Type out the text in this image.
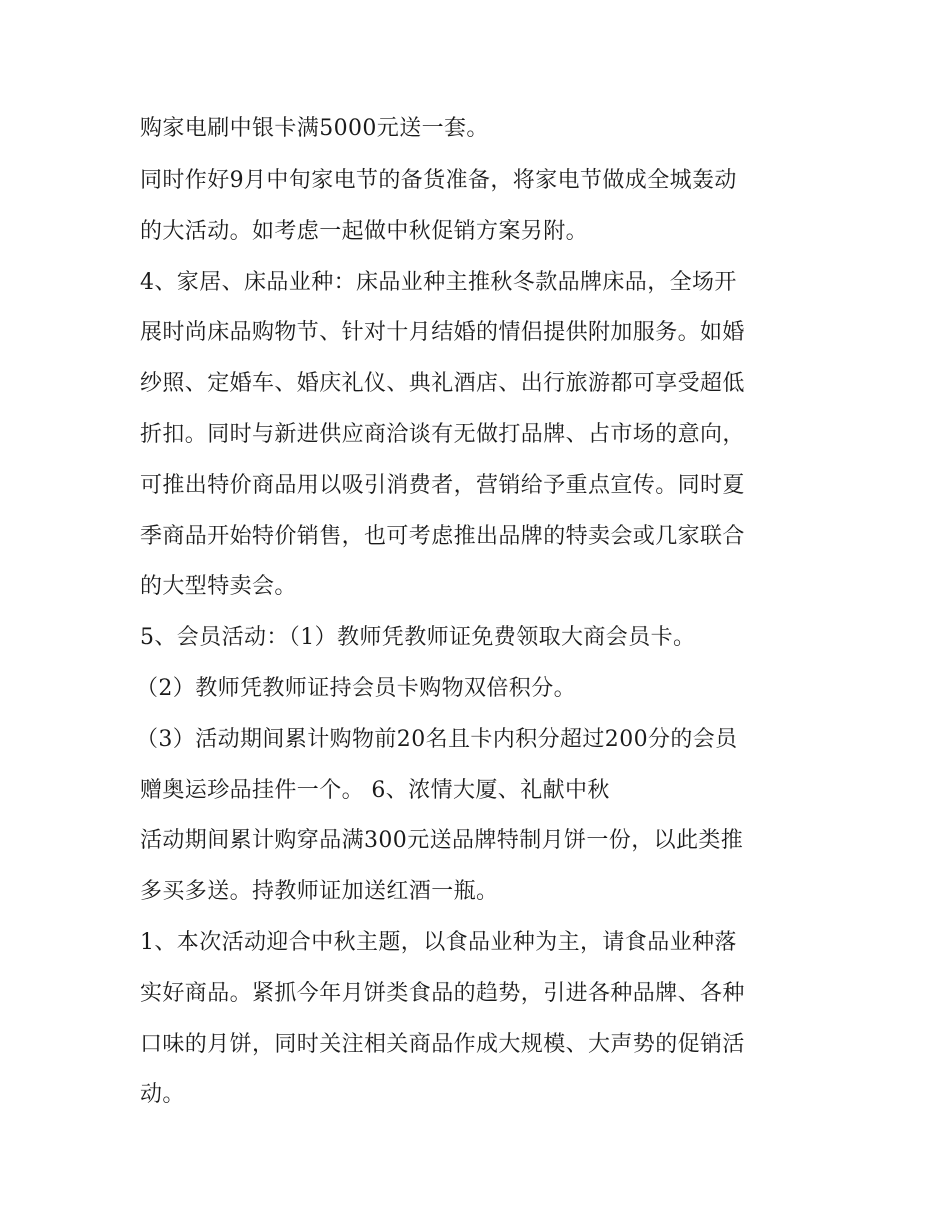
购家电刷中银卡满5000元送一套。
同时作好9月中旬家电节的备货准备，将家电节做成全城轰动
的大活动。如考虑一起做中秋促销方案另附。
4、家居、床品业种：床品业种主推秋冬款品牌床品，全场开
展时尚床品购物节、针对十月结婚的情侣提供附加服务。如婚
纱照、定婚车、婚庆礼仪、典礼酒店、出行旅游都可享受超低
折扣。同时与新进供应商洽谈有无做打品牌、占市场的意向，
可推出特价商品用以吸引消费者，营销给予重点宣传。同时夏
季商品开始特价销售，也可考虑推出品牌的特卖会或几家联合
的大型特卖会。
5、会员活动：（1）教师凭教师证免费领取大商会员卡。
（2）教师凭教师证持会员卡购物双倍积分。
（3）活动期间累计购物前20名且卡内积分超过200分的会员
赠奥运珍品挂件一个。 6、浓情大厦、礼献中秋
活动期间累计购穿品满300元送品牌特制月饼一份，以此类推
多买多送。持教师证加送红酒一瓶。
1、本次活动迎合中秋主题，以食品业种为主，请食品业种落
实好商品。紧抓今年月饼类食品的趋势，引进各种品牌、各种
口味的月饼，同时关注相关商品作成大规模、大声势的促销活
动。
